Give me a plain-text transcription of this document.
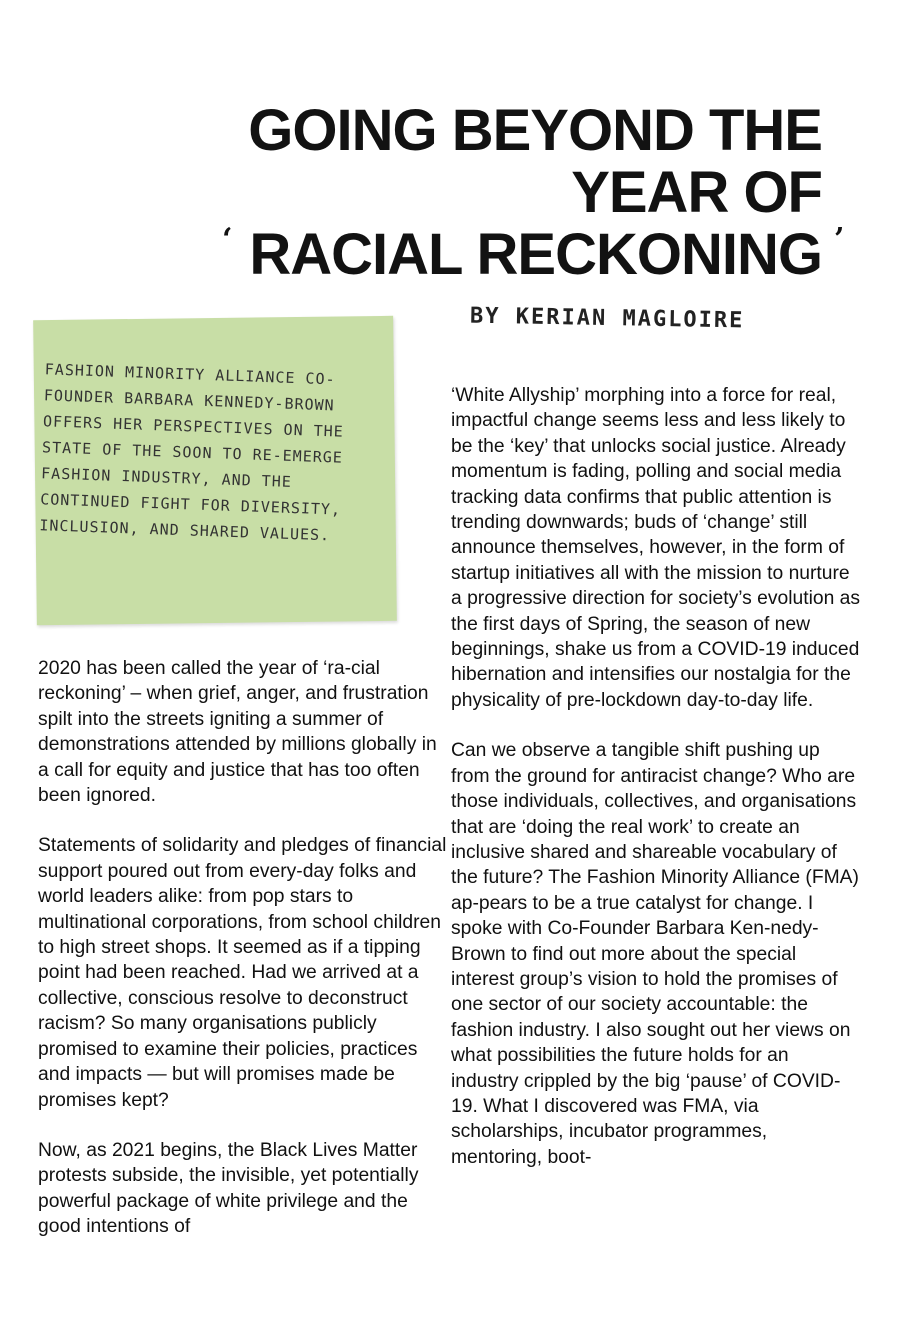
GOING BEYOND THE
YEAR OF
RACIAL RECKONING
‘	’
BY KERIAN MAGLOIRE
FASHION MINORITY ALLIANCE CO-FOUNDER BARBARA KENNEDY-BROWN OFFERS HER PERSPECTIVES ON THE STATE OF THE SOON TO RE-EMERGE FASHION INDUSTRY, AND THE CONTINUED FIGHT FOR DIVERSITY, INCLUSION, AND SHARED VALUES.

2020 has been called the year of ‘ra-cial reckoning’ – when grief, anger, and frustration spilt into the streets igniting a summer of demonstrations attended by millions globally in a call for equity and justice that has too often been ignored.

Statements of solidarity and pledges of financial support poured out from every-day folks and world leaders alike: from pop stars to multinational corporations, from school children to high street shops. It seemed as if a tipping point had been reached. Had we arrived at a collective, conscious resolve to deconstruct racism? So many organisations publicly promised to examine their policies, practices and impacts — but will promises made be promises kept?

Now, as 2021 begins, the Black Lives Matter protests subside, the invisible, yet potentially powerful package of white privilege and the good intentions of

‘White Allyship’ morphing into a force for real, impactful change seems less and less likely to be the ‘key’ that unlocks social justice. Already momentum is fading, polling and social media tracking data confirms that public attention is trending downwards; buds of ‘change’ still announce themselves, however, in the form of startup initiatives all with the mission to nurture a progressive direction for society’s evolution as the first days of Spring, the season of new beginnings, shake us from a COVID-19 induced hibernation and intensifies our nostalgia for the physicality of pre-lockdown day-to-day life.

Can we observe a tangible shift pushing up from the ground for antiracist change? Who are those individuals, collectives, and organisations that are ‘doing the real work’ to create an inclusive shared and shareable vocabulary of the future? The Fashion Minority Alliance (FMA) ap-pears to be a true catalyst for change. I spoke with Co-Founder Barbara Ken-nedy-Brown to find out more about the special interest group’s vision to hold the promises of one sector of our society accountable: the fashion industry. I also sought out her views on what possibilities the future holds for an industry crippled by the big ‘pause’ of COVID-19. What I discovered was FMA, via scholarships, incubator programmes, mentoring, boot-
